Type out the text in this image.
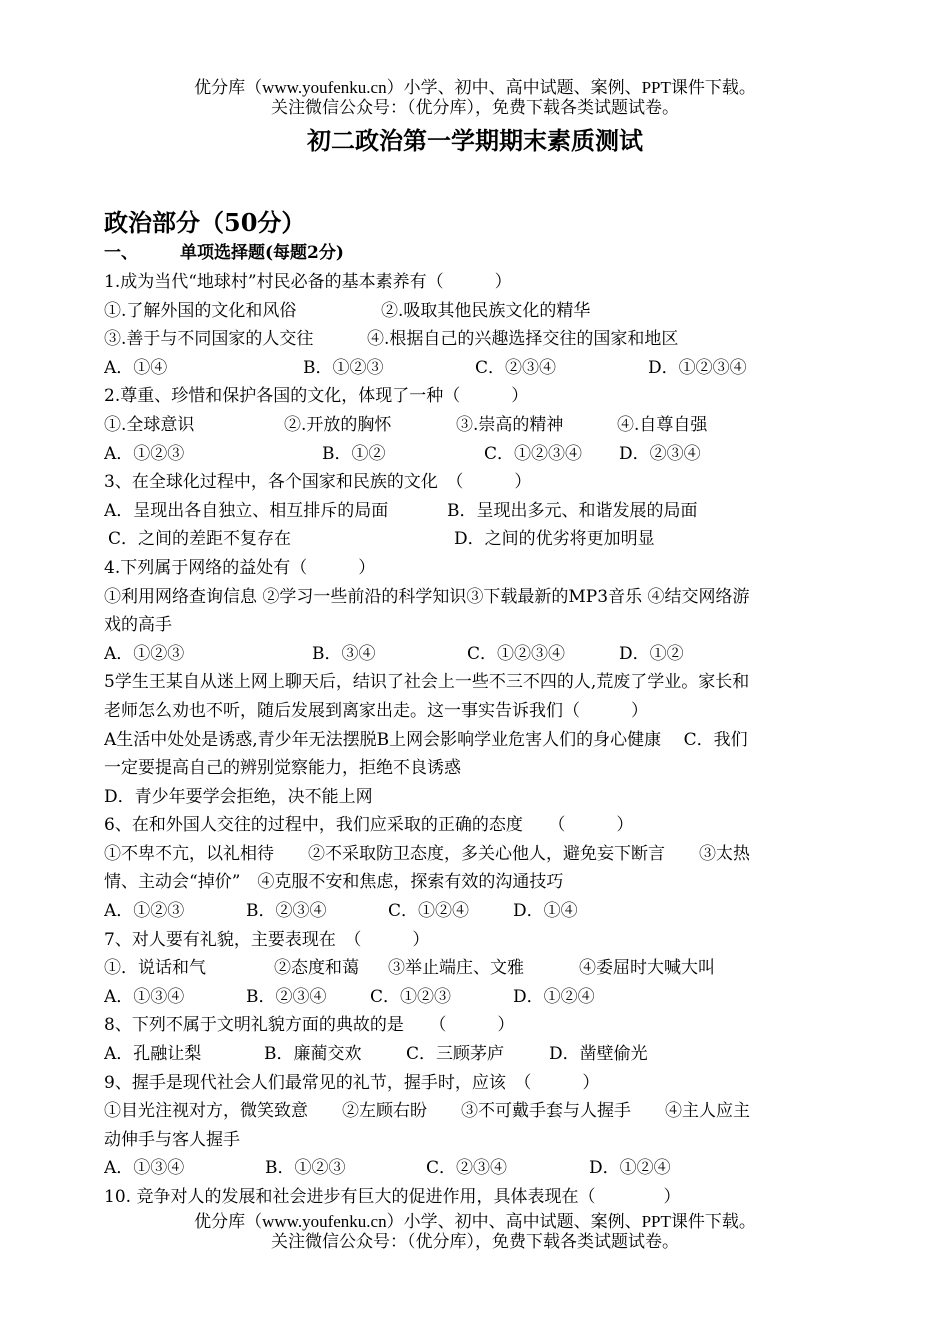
优分库（www.youfenku.cn）小学、初中、高中试题、案例、PPT课件下载。
关注微信公众号：（优分库），免费下载各类试题试卷。
初二政治第一学期期末素质测试
政治部分（50分）
一、 单项选择题(每题2分)
1.成为当代“地球村”村民必备的基本素养有（　　　）
①.了解外国的文化和风俗	②.吸取其他民族文化的精华
③.善于与不同国家的人交往	④.根据自己的兴趣选择交往的国家和地区
A．①④	B．①②③	C．②③④	D．①②③④
2.尊重、珍惜和保护各国的文化，体现了一种（　　　）
①.全球意识	②.开放的胸怀	③.崇高的精神	④.自尊自强
A．①②③	B．①②	C．①②③④ D．②③④
3、在全球化过程中，各个国家和民族的文化　（　　　）
A．呈现出各自独立、相互排斥的局面	B．呈现出多元、和谐发展的局面
C．之间的差距不复存在	D．之间的优劣将更加明显
4.下列属于网络的益处有（　　　）
①利用网络查询信息 ②学习一些前沿的科学知识③下载最新的MP3音乐 ④结交网络游
戏的高手
A．①②③	B．③④	C．①②③④	D．①②
5学生王某自从迷上网上聊天后，结识了社会上一些不三不四的人,荒废了学业。家长和
老师怎么劝也不听，随后发展到离家出走。这一事实告诉我们（　　　）
A生活中处处是诱惑,青少年无法摆脱B上网会影响学业危害人们的身心健康　 C．我们
一定要提高自己的辨别觉察能力，拒绝不良诱惑
D．青少年要学会拒绝，决不能上网
6、在和外国人交往的过程中，我们应采取的正确的态度　　（　　　）
①不卑不亢，以礼相待　　②不采取防卫态度，多关心他人，避免妄下断言　　③太热
情、主动会“掉价”　④克服不安和焦虑，探索有效的沟通技巧
A．①②③	B．②③④	C．①②④	D．①④
7、对人要有礼貌，主要表现在　（　　　）
①．说话和气	②态度和蔼 ③举止端庄、文雅	④委屈时大喊大叫
A．①③④	B．②③④	C．①②③	D．①②④
8、下列不属于文明礼貌方面的典故的是　　（　　　）
A．孔融让梨	B．廉蔺交欢	C．三顾茅庐	D．凿壁偷光
9、握手是现代社会人们最常见的礼节，握手时，应该　（　　　）
①目光注视对方，微笑致意　　②左顾右盼　　③不可戴手套与人握手　　④主人应主
动伸手与客人握手
A．①③④	B．①②③	C．②③④	D．①②④
10. 竞争对人的发展和社会进步有巨大的促进作用，具体表现在（　　　　）
优分库（www.youfenku.cn）小学、初中、高中试题、案例、PPT课件下载。
关注微信公众号：（优分库），免费下载各类试题试卷。
